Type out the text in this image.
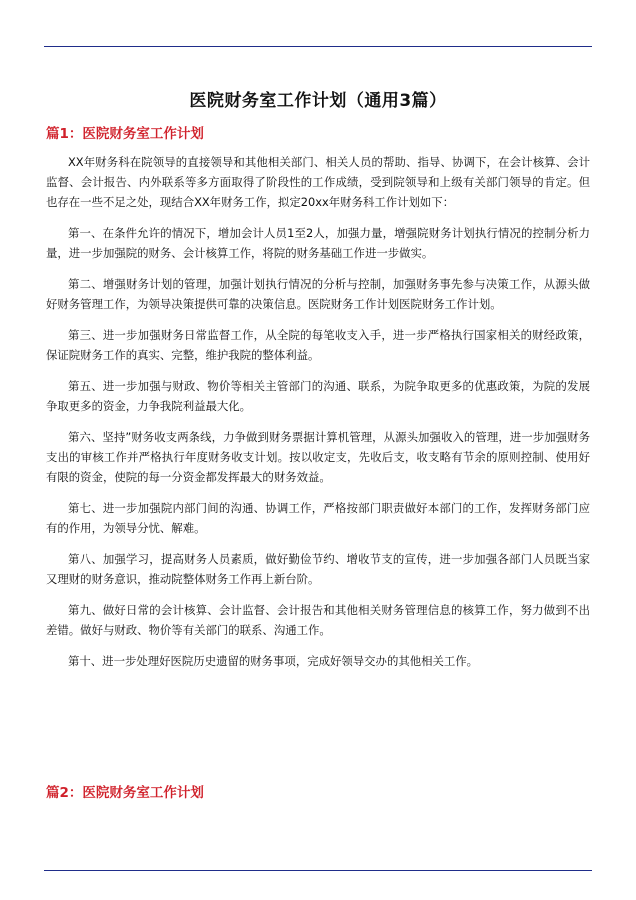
医院财务室工作计划（通用3篇）
篇1：医院财务室工作计划

XX年财务科在院领导的直接领导和其他相关部门、相关人员的帮助、指导、协调下，在会计核算、会计监督、会计报告、内外联系等多方面取得了阶段性的工作成绩，受到院领导和上级有关部门领导的肯定。但也存在一些不足之处，现结合XX年财务工作，拟定20xx年财务科工作计划如下：

第一、在条件允许的情况下，增加会计人员1至2人，加强力量，增强院财务计划执行情况的控制分析力量，进一步加强院的财务、会计核算工作，将院的财务基础工作进一步做实。

第二、增强财务计划的管理，加强计划执行情况的分析与控制，加强财务事先参与决策工作，从源头做好财务管理工作，为领导决策提供可靠的决策信息。医院财务工作计划医院财务工作计划。

第三、进一步加强财务日常监督工作，从全院的每笔收支入手，进一步严格执行国家相关的财经政策，保证院财务工作的真实、完整，维护我院的整体利益。

第五、进一步加强与财政、物价等相关主管部门的沟通、联系，为院争取更多的优惠政策，为院的发展争取更多的资金，力争我院利益最大化。

第六、坚持”财务收支两条线，力争做到财务票据计算机管理，从源头加强收入的管理，进一步加强财务支出的审核工作并严格执行年度财务收支计划。按以收定支，先收后支，收支略有节余的原则控制、使用好有限的资金，使院的每一分资金都发挥最大的财务效益。

第七、进一步加强院内部门间的沟通、协调工作，严格按部门职责做好本部门的工作，发挥财务部门应有的作用，为领导分忧、解难。

第八、加强学习，提高财务人员素质，做好勤俭节约、增收节支的宣传，进一步加强各部门人员既当家又理财的财务意识，推动院整体财务工作再上新台阶。

第九、做好日常的会计核算、会计监督、会计报告和其他相关财务管理信息的核算工作，努力做到不出差错。做好与财政、物价等有关部门的联系、沟通工作。

第十、进一步处理好医院历史遗留的财务事项，完成好领导交办的其他相关工作。

篇2：医院财务室工作计划
